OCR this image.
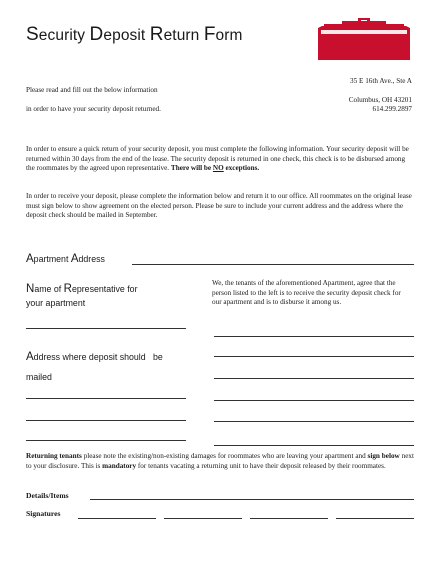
Security Deposit Return Form
Please read and fill out the below information
in order to have your security deposit returned.
35 E 16th Ave., Ste A
Columbus, OH 43201
614.299.2897
In order to ensure a quick return of your security deposit, you must complete the following information. Your security deposit will be returned within 30 days from the end of the lease. The security deposit is returned in one check, this check is to be disbursed among the roommates by the agreed upon representative. There will be NO exceptions.
In order to receive your deposit, please complete the information below and return it to our office. All roommates on the original lease must sign below to show agreement on the elected person. Please be sure to include your current address and the address where the deposit check should be mailed in September.
Apartment Address
Name of Representative for
your apartment
We, the tenants of the aforementioned Apartment, agree that the person listed to the left is to receive the security deposit check for our apartment and is to disburse it among us.
Address where deposit should   be
mailed
Returning tenants please note the existing/non-existing damages for roommates who are leaving your apartment and sign below next to your disclosure. This is mandatory for tenants vacating a returning unit to have their deposit released by their roommates.
Details/Items
Signatures
